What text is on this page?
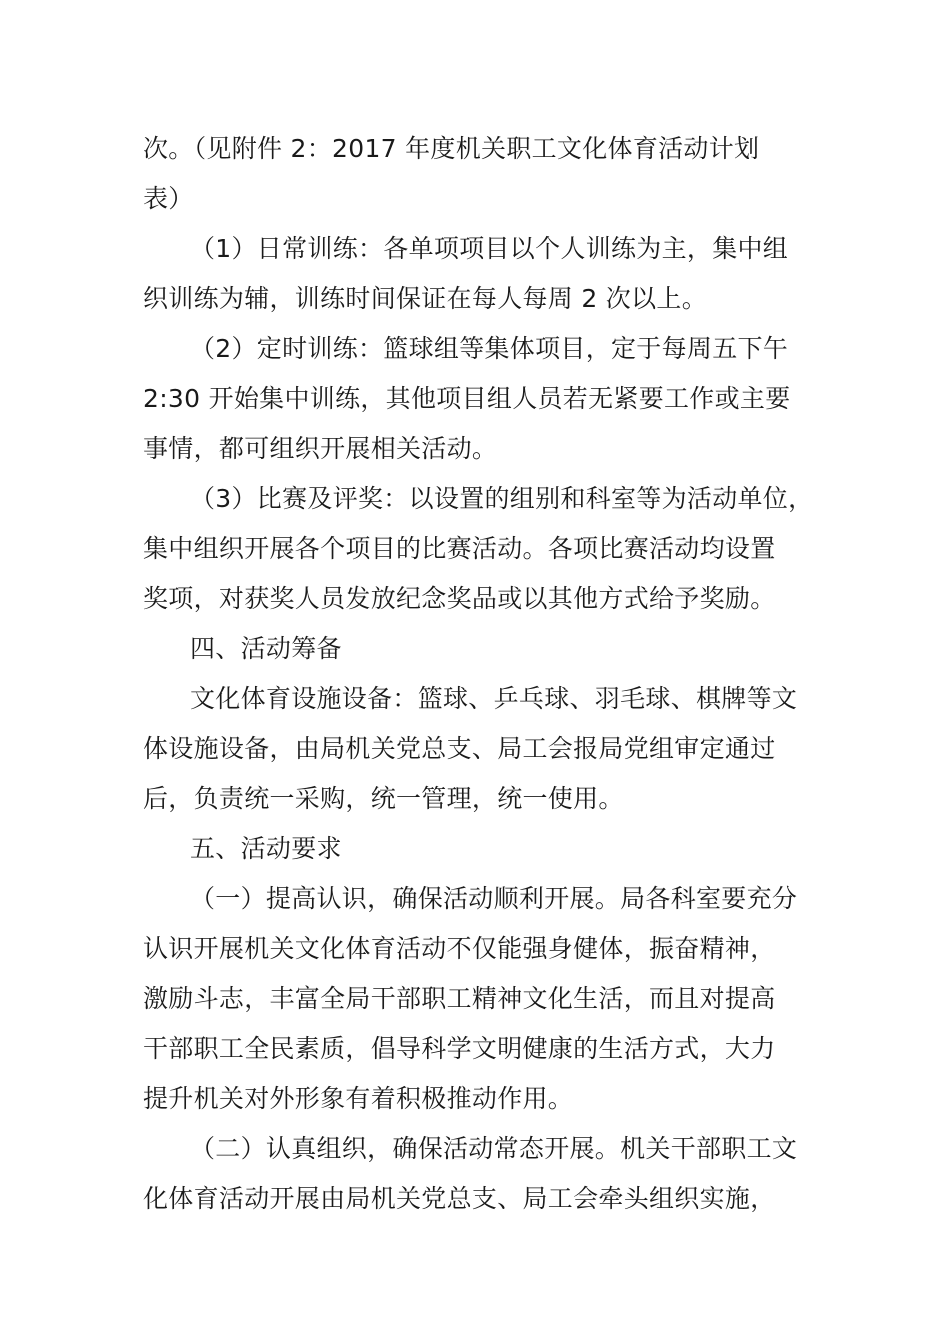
次。（见附件 2：2017 年度机关职工文化体育活动计划
表）
（1）日常训练：各单项项目以个人训练为主，集中组
织训练为辅，训练时间保证在每人每周 2 次以上。
（2）定时训练：篮球组等集体项目，定于每周五下午
2:30 开始集中训练，其他项目组人员若无紧要工作或主要
事情，都可组织开展相关活动。
（3）比赛及评奖：以设置的组别和科室等为活动单位，
集中组织开展各个项目的比赛活动。各项比赛活动均设置
奖项，对获奖人员发放纪念奖品或以其他方式给予奖励。
四、活动筹备
文化体育设施设备：篮球、乒乓球、羽毛球、棋牌等文
体设施设备，由局机关党总支、局工会报局党组审定通过
后，负责统一采购，统一管理，统一使用。
五、活动要求
（一）提高认识，确保活动顺利开展。局各科室要充分
认识开展机关文化体育活动不仅能强身健体，振奋精神，
激励斗志，丰富全局干部职工精神文化生活，而且对提高
干部职工全民素质，倡导科学文明健康的生活方式，大力
提升机关对外形象有着积极推动作用。
（二）认真组织，确保活动常态开展。机关干部职工文
化体育活动开展由局机关党总支、局工会牵头组织实施，
